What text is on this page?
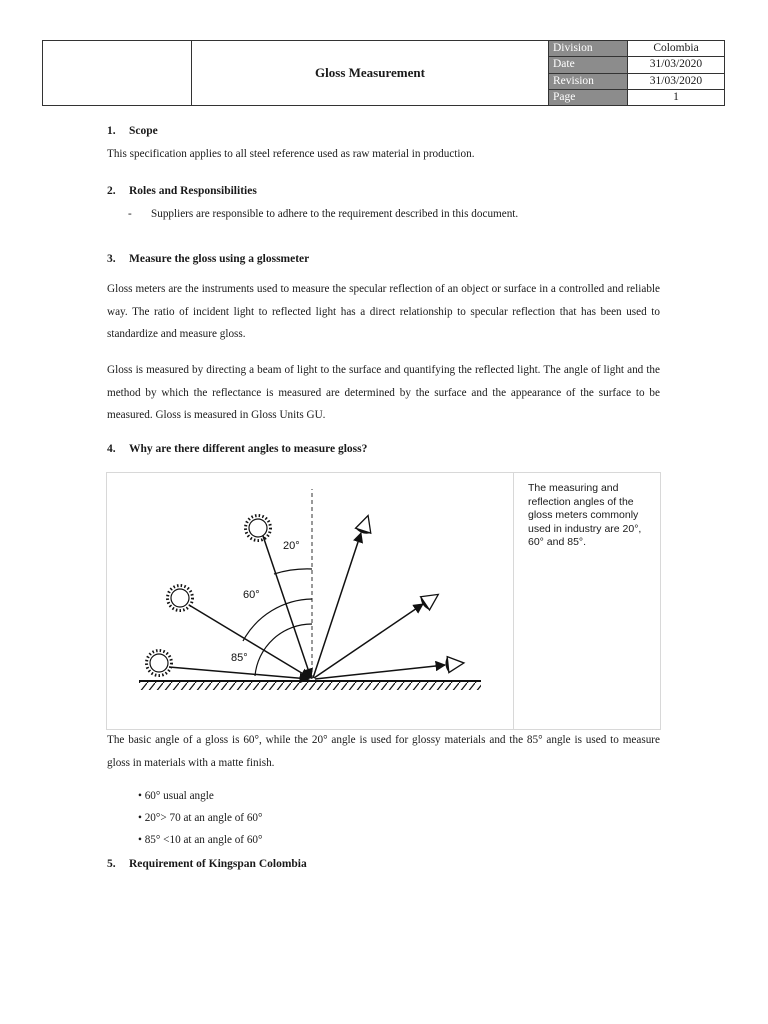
	Gloss Measurement	Division	Colombia
		Date	31/03/2020
		Revision	31/03/2020
		Page	1
1. Scope
This specification applies to all steel reference used as raw material in production.
2. Roles and Responsibilities
- Suppliers are responsible to adhere to the requirement described in this document.
3. Measure the gloss using a glossmeter
Gloss meters are the instruments used to measure the specular reflection of an object or surface in a controlled and reliable way. The ratio of incident light to reflected light has a direct relationship to specular reflection that has been used to standardize and measure gloss.
Gloss is measured by directing a beam of light to the surface and quantifying the reflected light. The angle of light and the method by which the reflectance is measured are determined by the surface and the appearance of the surface to be measured. Gloss is measured in Gloss Units GU.
4. Why are there different angles to measure gloss?
20°
60°
85°
The measuring and reflection angles of the gloss meters commonly used in industry are 20°, 60° and 85°.
The basic angle of a gloss is 60°, while the 20° angle is used for glossy materials and the 85° angle is used to measure gloss in materials with a matte finish.
• 60° usual angle
• 20°> 70 at an angle of 60°
• 85° <10 at an angle of 60°
5. Requirement of Kingspan Colombia
